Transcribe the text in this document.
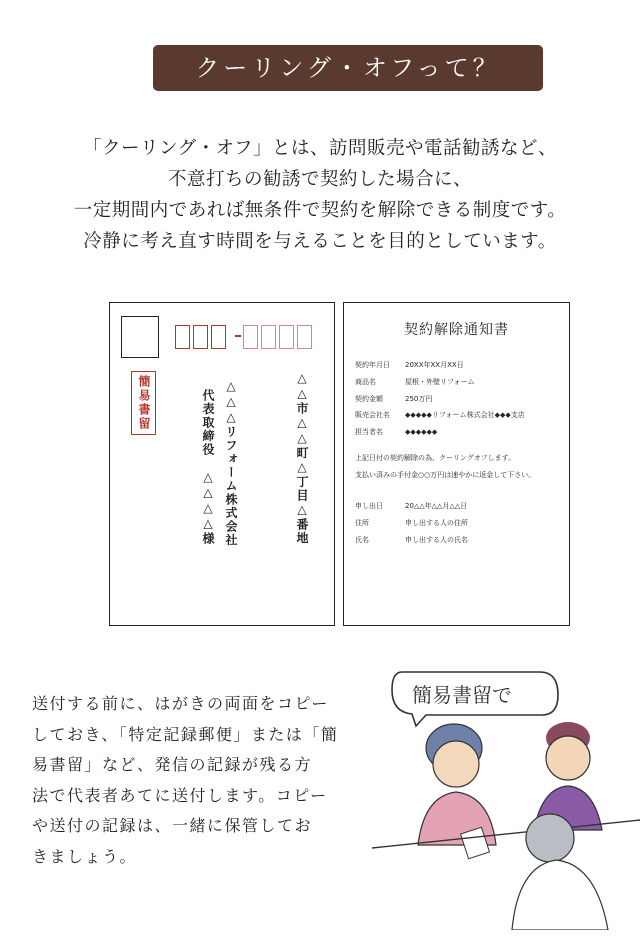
クーリング・オフって？
「クーリング・オフ」とは、訪問販売や電話勧誘など、
不意打ちの勧誘で契約した場合に、
一定期間内であれば無条件で契約を解除できる制度です。
冷静に考え直す時間を与えることを目的としています。
簡易書留	△△市△△町△丁目△番地
△△△リフォーム株式会社
代表取締役　△△△△様
契約解除通知書
契約年月日 20XX年XX月XX日
商品名	屋根・外壁リフォーム
契約金額	250万円
販売会社名 ◆◆◆◆◆リフォーム株式会社◆◆◆支店
担当者名	◆◆◆◆◆◆
上記日付の契約解除の為、クーリングオフします。
支払い済みの手付金○○万円は速やかに返金して下さい。
申し出日	20△△年△△月△△日
住所	申し出する人の住所
氏名	申し出する人の氏名
送付する前に、はがきの両面をコピー
しておき、「特定記録郵便」または「簡
易書留」など、発信の記録が残る方
法で代表者あてに送付します。コピー
や送付の記録は、一緒に保管してお
きましょう。
簡易書留で
